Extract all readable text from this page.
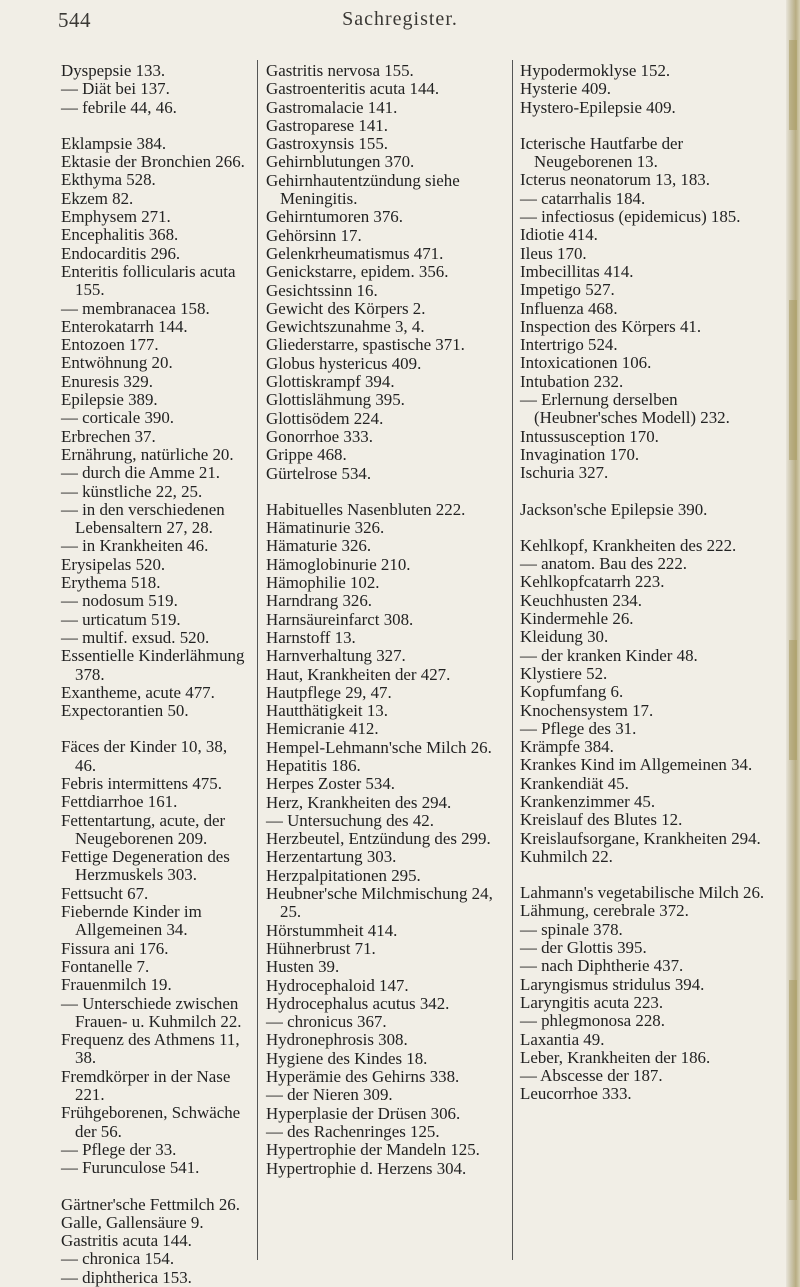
544	Sachregister.
Dyspepsie 133.
— Diät bei 137.
— febrile 44, 46.
Eklampsie 384.
Ektasie der Bronchien 266.
Ekthyma 528.
Ekzem 82.
Emphysem 271.
Encephalitis 368.
Endocarditis 296.
Enteritis follicularis acuta 155.
— membranacea 158.
Enterokatarrh 144.
Entozoen 177.
Entwöhnung 20.
Enuresis 329.
Epilepsie 389.
— corticale 390.
Erbrechen 37.
Ernährung, natürliche 20.
— durch die Amme 21.
— künstliche 22, 25.
— in den verschiedenen Lebensaltern 27, 28.
— in Krankheiten 46.
Erysipelas 520.
Erythema 518.
— nodosum 519.
— urticatum 519.
— multif. exsud. 520.
Essentielle Kinderlähmung 378.
Exantheme, acute 477.
Expectorantien 50.
Fäces der Kinder 10, 38, 46.
Febris intermittens 475.
Fettdiarrhoe 161.
Fettentartung, acute, der Neugeborenen 209.
Fettige Degeneration des Herzmuskels 303.
Fettsucht 67.
Fiebernde Kinder im Allgemeinen 34.
Fissura ani 176.
Fontanelle 7.
Frauenmilch 19.
— Unterschiede zwischen Frauen- u. Kuhmilch 22.
Frequenz des Athmens 11, 38.
Fremdkörper in der Nase 221.
Frühgeborenen, Schwäche der 56.
— Pflege der 33.
— Furunculose 541.
Gärtner'sche Fettmilch 26.
Galle, Gallensäure 9.
Gastritis acuta 144.
— chronica 154.
— diphtherica 153.
Gastritis nervosa 155.
Gastroenteritis acuta 144.
Gastromalacie 141.
Gastroparese 141.
Gastroxynsis 155.
Gehirnblutungen 370.
Gehirnhautentzündung siehe Meningitis.
Gehirntumoren 376.
Gehörsinn 17.
Gelenkrheumatismus 471.
Genickstarre, epidem. 356.
Gesichtssinn 16.
Gewicht des Körpers 2.
Gewichtszunahme 3, 4.
Gliederstarre, spastische 371.
Globus hystericus 409.
Glottiskrampf 394.
Glottislähmung 395.
Glottisödem 224.
Gonorrhoe 333.
Grippe 468.
Gürtelrose 534.
Habituelles Nasenbluten 222.
Hämatinurie 326.
Hämaturie 326.
Hämoglobinurie 210.
Hämophilie 102.
Harndrang 326.
Harnsäureinfarct 308.
Harnstoff 13.
Harnverhaltung 327.
Haut, Krankheiten der 427.
Hautpflege 29, 47.
Hautthätigkeit 13.
Hemicranie 412.
Hempel-Lehmann'sche Milch 26.
Hepatitis 186.
Herpes Zoster 534.
Herz, Krankheiten des 294.
— Untersuchung des 42.
Herzbeutel, Entzündung des 299.
Herzentartung 303.
Herzpalpitationen 295.
Heubner'sche Milchmischung 24, 25.
Hörstummheit 414.
Hühnerbrust 71.
Husten 39.
Hydrocephaloid 147.
Hydrocephalus acutus 342.
— chronicus 367.
Hydronephrosis 308.
Hygiene des Kindes 18.
Hyperämie des Gehirns 338.
— der Nieren 309.
Hyperplasie der Drüsen 306.
— des Rachenringes 125.
Hypertrophie der Mandeln 125.
Hypertrophie d. Herzens 304.
Hypodermoklyse 152.
Hysterie 409.
Hystero-Epilepsie 409.
Icterische Hautfarbe der Neugeborenen 13.
Icterus neonatorum 13, 183.
— catarrhalis 184.
— infectiosus (epidemicus) 185.
Idiotie 414.
Ileus 170.
Imbecillitas 414.
Impetigo 527.
Influenza 468.
Inspection des Körpers 41.
Intertrigo 524.
Intoxicationen 106.
Intubation 232.
— Erlernung derselben (Heubner'sches Modell) 232.
Intussusception 170.
Invagination 170.
Ischuria 327.
Jackson'sche Epilepsie 390.
Kehlkopf, Krankheiten des 222.
— anatom. Bau des 222.
Kehlkopfcatarrh 223.
Keuchhusten 234.
Kindermehle 26.
Kleidung 30.
— der kranken Kinder 48.
Klystiere 52.
Kopfumfang 6.
Knochensystem 17.
— Pflege des 31.
Krämpfe 384.
Krankes Kind im Allgemeinen 34.
Krankendiät 45.
Krankenzimmer 45.
Kreislauf des Blutes 12.
Kreislaufsorgane, Krankheiten 294.
Kuhmilch 22.
Lahmann's vegetabilische Milch 26.
Lähmung, cerebrale 372.
— spinale 378.
— der Glottis 395.
— nach Diphtherie 437.
Laryngismus stridulus 394.
Laryngitis acuta 223.
— phlegmonosa 228.
Laxantia 49.
Leber, Krankheiten der 186.
— Abscesse der 187.
Leucorrhoe 333.
